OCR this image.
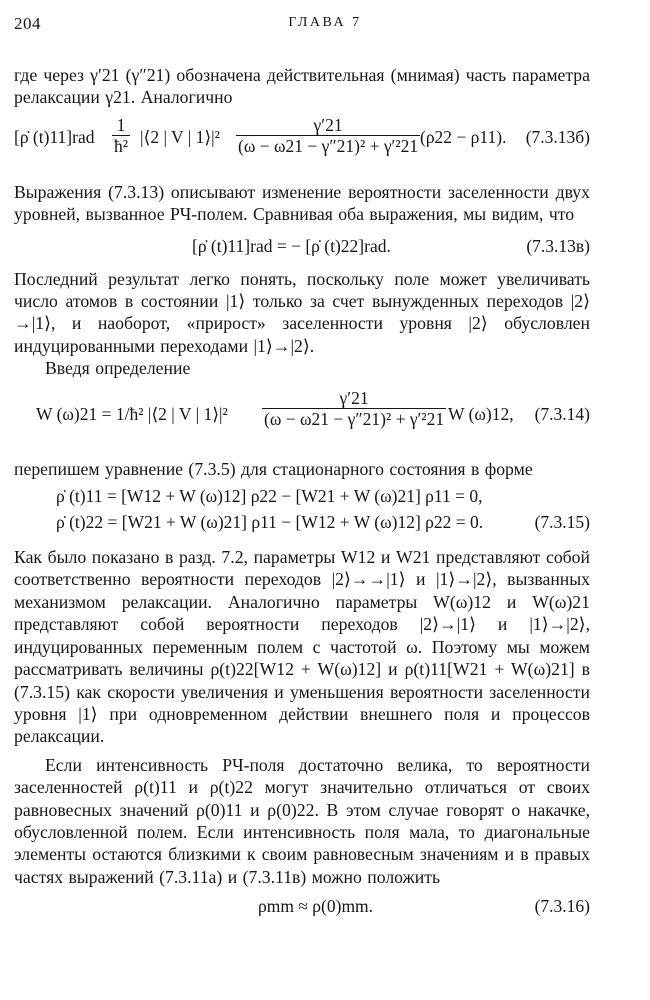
204	ГЛАВА 7

где через γ′21 (γ″21) обозначена действительная (мнимая) часть параметра релаксации γ21. Аналогично

[ρ̇ $(t)11]rad \frac{1}{\text{ħ²}}$ |⟨2 | V | 1⟩|² $\frac{\gamma'21}{\text{(ω − ω21 − γ″21)² + γ′²21}} (\rho 22 - \rho 11)$. (7.3.13б)

Выражения (7.3.13) описывают изменение вероятности заселенности двух уровней, вызванное РЧ-полем. Сравнивая оба выражения, мы видим, что

[ρ̇ (t)11]rad = − [ρ̇ (t)22]rad.	(7.3.13в)

Последний результат легко понять, поскольку поле может увеличивать число атомов в состоянии |1⟩ только за счет вынужденных переходов |2⟩→|1⟩, и наоборот, «прирост» заселенности уровня |2⟩ обусловлен индуцированными переходами |1⟩→|2⟩.

Введя определение

W (ω)21 = 1/ħ² |⟨2 | V | 1⟩|² $\frac{\gamma'21}{\text{(ω − ω21 − γ″21)² + γ′²21}}$ W (ω)12, (7.3.14)

перепишем уравнение (7.3.5) для стационарного состояния в форме

ρ̇ (t)11 = [W12 + W (ω)12] ρ22 − [W21 + W (ω)21] ρ11 = 0,
ρ̇ (t)22 = [W21 + W (ω)21] ρ11 − [W12 + W (ω)12] ρ22 = 0.	(7.3.15)

Как было показано в разд. 7.2, параметры W12 и W21 представляют собой соответственно вероятности переходов |2⟩→→|1⟩ и |1⟩→|2⟩, вызванных механизмом релаксации. Аналогично параметры W(ω)12 и W(ω)21 представляют собой вероятности переходов |2⟩→|1⟩ и |1⟩→|2⟩, индуцированных переменным полем с частотой ω. Поэтому мы можем рассматривать величины ρ(t)22[W12 + W(ω)12] и ρ(t)11[W21 + W(ω)21] в (7.3.15) как скорости увеличения и уменьшения вероятности заселенности уровня |1⟩ при одновременном действии внешнего поля и процессов релаксации.

Если интенсивность РЧ-поля достаточно велика, то вероятности заселенностей ρ(t)11 и ρ(t)22 могут значительно отличаться от своих равновесных значений ρ(0)11 и ρ(0)22. В этом случае говорят о накачке, обусловленной полем. Если интенсивность поля мала, то диагональные элементы остаются близкими к своим равновесным значениям и в правых частях выражений (7.3.11а) и (7.3.11в) можно положить

ρmm ≈ ρ(0)mm.	(7.3.16)
